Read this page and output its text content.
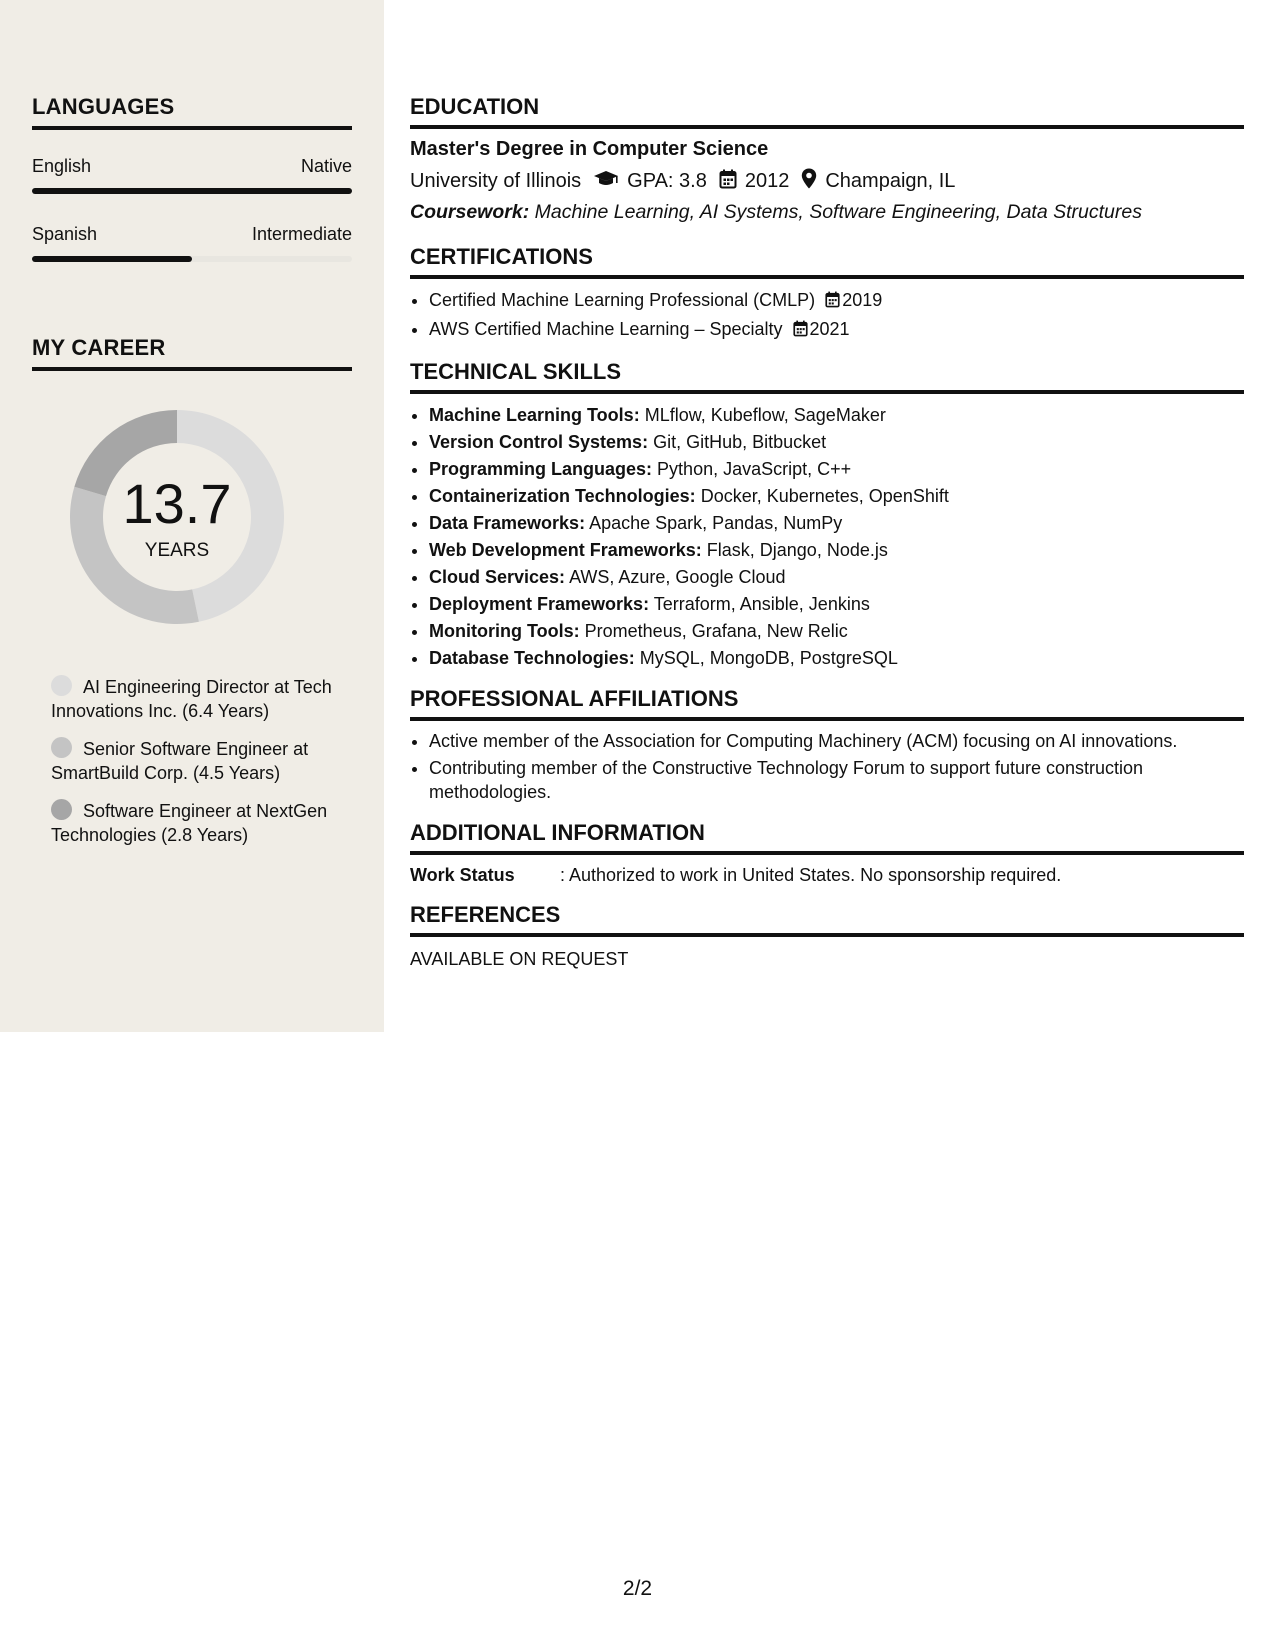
LANGUAGES
English	Native
Spanish	Intermediate
MY CAREER
13.7
YEARS
AI Engineering Director at Tech Innovations Inc. (6.4 Years)
Senior Software Engineer at SmartBuild Corp. (4.5 Years)
Software Engineer at NextGen Technologies (2.8 Years)
EDUCATION
Master's Degree in Computer Science
University of Illinois GPA: 3.8 2012 Champaign, IL
Coursework: Machine Learning, AI Systems, Software Engineering, Data Structures
CERTIFICATIONS
• Certified Machine Learning Professional (CMLP) 2019
• AWS Certified Machine Learning – Specialty 2021
TECHNICAL SKILLS
• Machine Learning Tools: MLflow, Kubeflow, SageMaker
• Version Control Systems: Git, GitHub, Bitbucket
• Programming Languages: Python, JavaScript, C++
• Containerization Technologies: Docker, Kubernetes, OpenShift
• Data Frameworks: Apache Spark, Pandas, NumPy
• Web Development Frameworks: Flask, Django, Node.js
• Cloud Services: AWS, Azure, Google Cloud
• Deployment Frameworks: Terraform, Ansible, Jenkins
• Monitoring Tools: Prometheus, Grafana, New Relic
• Database Technologies: MySQL, MongoDB, PostgreSQL
PROFESSIONAL AFFILIATIONS
• Active member of the Association for Computing Machinery (ACM) focusing on AI innovations.
• Contributing member of the Constructive Technology Forum to support future construction methodologies.
ADDITIONAL INFORMATION
Work Status	: Authorized to work in United States. No sponsorship required.
REFERENCES
AVAILABLE ON REQUEST
2/2
